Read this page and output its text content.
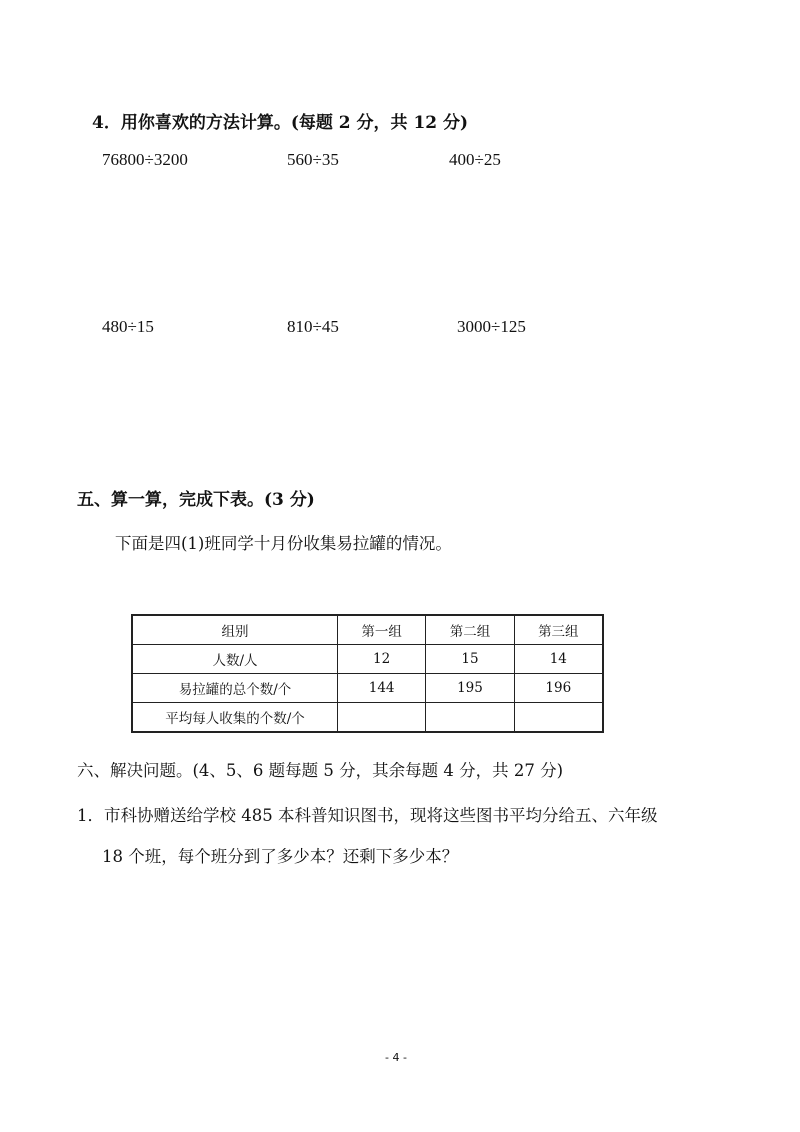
4．用你喜欢的方法计算。(每题 2 分，共 12 分)
76800÷3200	560÷35	400÷25
480÷15	810÷45	3000÷125
五、算一算，完成下表。(3 分)
下面是四(1)班同学十月份收集易拉罐的情况。
组别	第一组	第二组	第三组
人数/人	12	15	14
易拉罐的总个数/个	144	195	196
平均每人收集的个数/个			
六、解决问题。(4、5、6 题每题 5 分，其余每题 4 分，共 27 分)
1．市科协赠送给学校 485 本科普知识图书，现将这些图书平均分给五、六年级
18 个班，每个班分到了多少本？还剩下多少本？
- 4 -
